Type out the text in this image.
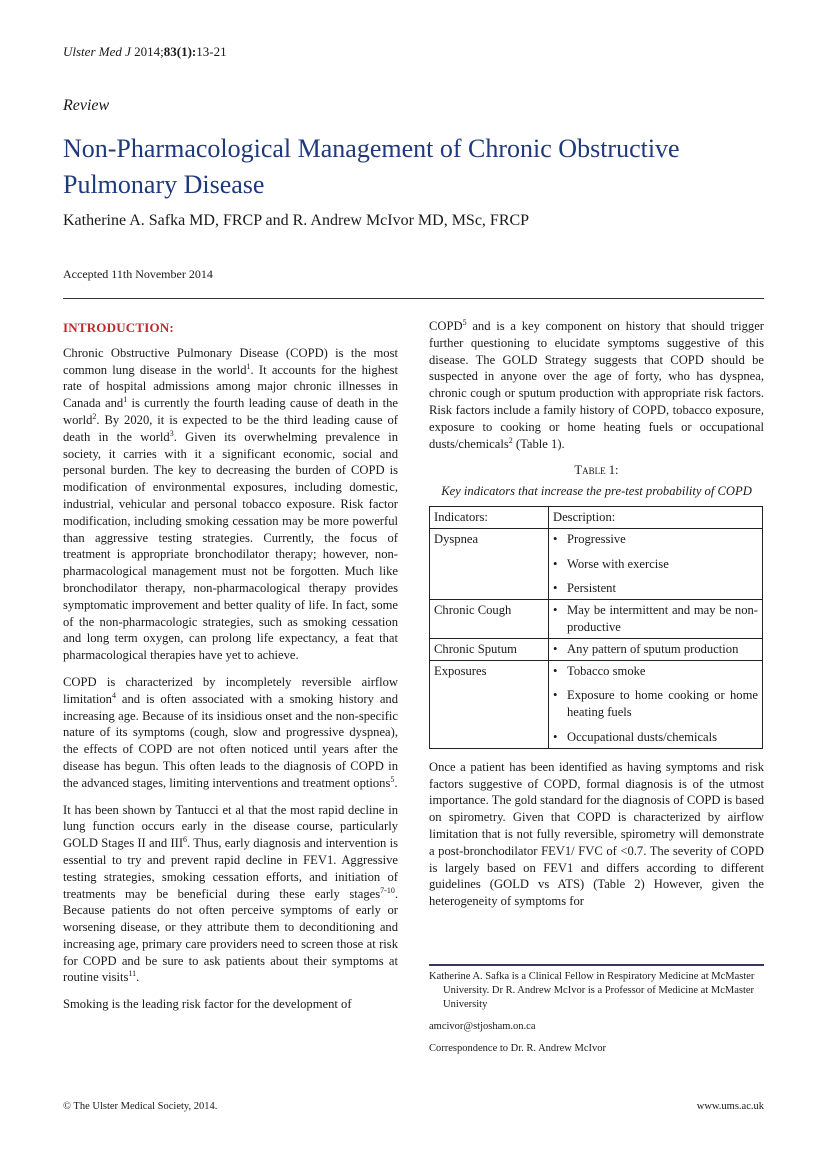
Ulster Med J 2014;83(1):13-21
Review
Non-Pharmacological Management of Chronic Obstructive Pulmonary Disease
Katherine A. Safka MD, FRCP and R. Andrew McIvor MD, MSc, FRCP
Accepted 11th November 2014
INTRODUCTION:

Chronic Obstructive Pulmonary Disease (COPD) is the most common lung disease in the world$^1$. It accounts for the highest rate of hospital admissions among major chronic illnesses in Canada and$^1$ is currently the fourth leading cause of death in the world$^2$. By 2020, it is expected to be the third leading cause of death in the world$^3$. Given its overwhelming prevalence in society, it carries with it a significant economic, social and personal burden. The key to decreasing the burden of COPD is modification of environmental exposures, including domestic, industrial, vehicular and personal tobacco exposure. Risk factor modification, including smoking cessation may be more powerful than aggressive testing strategies. Currently, the focus of treatment is appropriate bronchodilator therapy; however, non-pharmacological management must not be forgotten. Much like bronchodilator therapy, non-pharmacological therapy provides symptomatic improvement and better quality of life. In fact, some of the non-pharmacologic strategies, such as smoking cessation and long term oxygen, can prolong life expectancy, a feat that pharmacological therapies have yet to achieve.

COPD is characterized by incompletely reversible airflow limitation$^4$ and is often associated with a smoking history and increasing age. Because of its insidious onset and the non-specific nature of its symptoms (cough, slow and progressive dyspnea), the effects of COPD are not often noticed until years after the disease has begun. This often leads to the diagnosis of COPD in the advanced stages, limiting interventions and treatment options$^5$.

It has been shown by Tantucci et al that the most rapid decline in lung function occurs early in the disease course, particularly GOLD Stages II and III$^6$. Thus, early diagnosis and intervention is essential to try and prevent rapid decline in FEV1. Aggressive testing strategies, smoking cessation efforts, and initiation of treatments may be beneficial during these early stages$^{7-10}$. Because patients do not often perceive symptoms of early or worsening disease, or they attribute them to deconditioning and increasing age, primary care providers need to screen those at risk for COPD and be sure to ask patients about their symptoms at routine visits$^{11}$.

Smoking is the leading risk factor for the development of

COPD$^5$ and is a key component on history that should trigger further questioning to elucidate symptoms suggestive of this disease. The GOLD Strategy suggests that COPD should be suspected in anyone over the age of forty, who has dyspnea, chronic cough or sputum production with appropriate risk factors. Risk factors include a family history of COPD, tobacco exposure, exposure to cooking or home heating fuels or occupational dusts/chemicals$^2$ (Table 1).

Table 1:
Key indicators that increase the pre-test probability of COPD
Indicators:	Description:
Dyspnea	• Progressive
• Worse with exercise
• Persistent

Chronic Cough	• May be intermittent and may be non-productive

Chronic Sputum	• Any pattern of sputum production

Exposures	• Tobacco smoke
• Exposure to home cooking or home heating fuels
• Occupational dusts/chemicals

Once a patient has been identified as having symptoms and risk factors suggestive of COPD, formal diagnosis is of the utmost importance. The gold standard for the diagnosis of COPD is based on spirometry. Given that COPD is characterized by airflow limitation that is not fully reversible, spirometry will demonstrate a post-bronchodilator FEV1/ FVC of <0.7. The severity of COPD is largely based on FEV1 and differs according to different guidelines (GOLD vs ATS) (Table 2) However, given the heterogeneity of symptoms for

Katherine A. Safka is a Clinical Fellow in Respiratory Medicine at McMaster University. Dr R. Andrew McIvor is a Professor of Medicine at McMaster University

amcivor@stjosham.on.ca

Correspondence to Dr. R. Andrew McIvor

© The Ulster Medical Society, 2014.	www.ums.ac.uk
